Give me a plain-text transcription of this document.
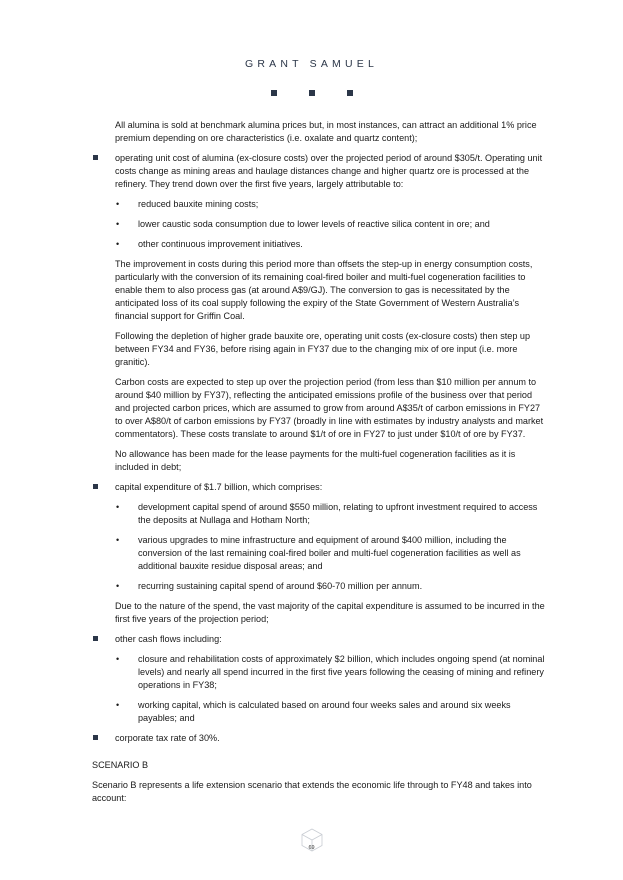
GRANT SAMUEL

All alumina is sold at benchmark alumina prices but, in most instances, can attract an additional 1% price premium depending on ore characteristics (i.e. oxalate and quartz content);

operating unit cost of alumina (ex-closure costs) over the projected period of around $305/t. Operating unit costs change as mining areas and haulage distances change and higher quartz ore is processed at the refinery. They trend down over the first five years, largely attributable to:
• reduced bauxite mining costs;
• lower caustic soda consumption due to lower levels of reactive silica content in ore; and
• other continuous improvement initiatives.

The improvement in costs during this period more than offsets the step-up in energy consumption costs, particularly with the conversion of its remaining coal-fired boiler and multi-fuel cogeneration facilities to enable them to also process gas (at around A$9/GJ). The conversion to gas is necessitated by the anticipated loss of its coal supply following the expiry of the State Government of Western Australia’s financial support for Griffin Coal.

Following the depletion of higher grade bauxite ore, operating unit costs (ex-closure costs) then step up between FY34 and FY36, before rising again in FY37 due to the changing mix of ore input (i.e. more granitic).

Carbon costs are expected to step up over the projection period (from less than $10 million per annum to around $40 million by FY37), reflecting the anticipated emissions profile of the business over that period and projected carbon prices, which are assumed to grow from around A$35/t of carbon emissions in FY27 to over A$80/t of carbon emissions by FY37 (broadly in line with estimates by industry analysts and market commentators). These costs translate to around $1/t of ore in FY27 to just under $10/t of ore by FY37.

No allowance has been made for the lease payments for the multi-fuel cogeneration facilities as it is included in debt;

capital expenditure of $1.7 billion, which comprises:
• development capital spend of around $550 million, relating to upfront investment required to access the deposits at Nullaga and Hotham North;
• various upgrades to mine infrastructure and equipment of around $400 million, including the conversion of the last remaining coal-fired boiler and multi-fuel cogeneration facilities as well as additional bauxite residue disposal areas; and
• recurring sustaining capital spend of around $60-70 million per annum.

Due to the nature of the spend, the vast majority of the capital expenditure is assumed to be incurred in the first five years of the projection period;

other cash flows including:
• closure and rehabilitation costs of approximately $2 billion, which includes ongoing spend (at nominal levels) and nearly all spend incurred in the first five years following the ceasing of mining and refinery operations in FY38;
• working capital, which is calculated based on around four weeks sales and around six weeks payables; and
corporate tax rate of 30%.

SCENARIO B

Scenario B represents a life extension scenario that extends the economic life through to FY48 and takes into account:

69
